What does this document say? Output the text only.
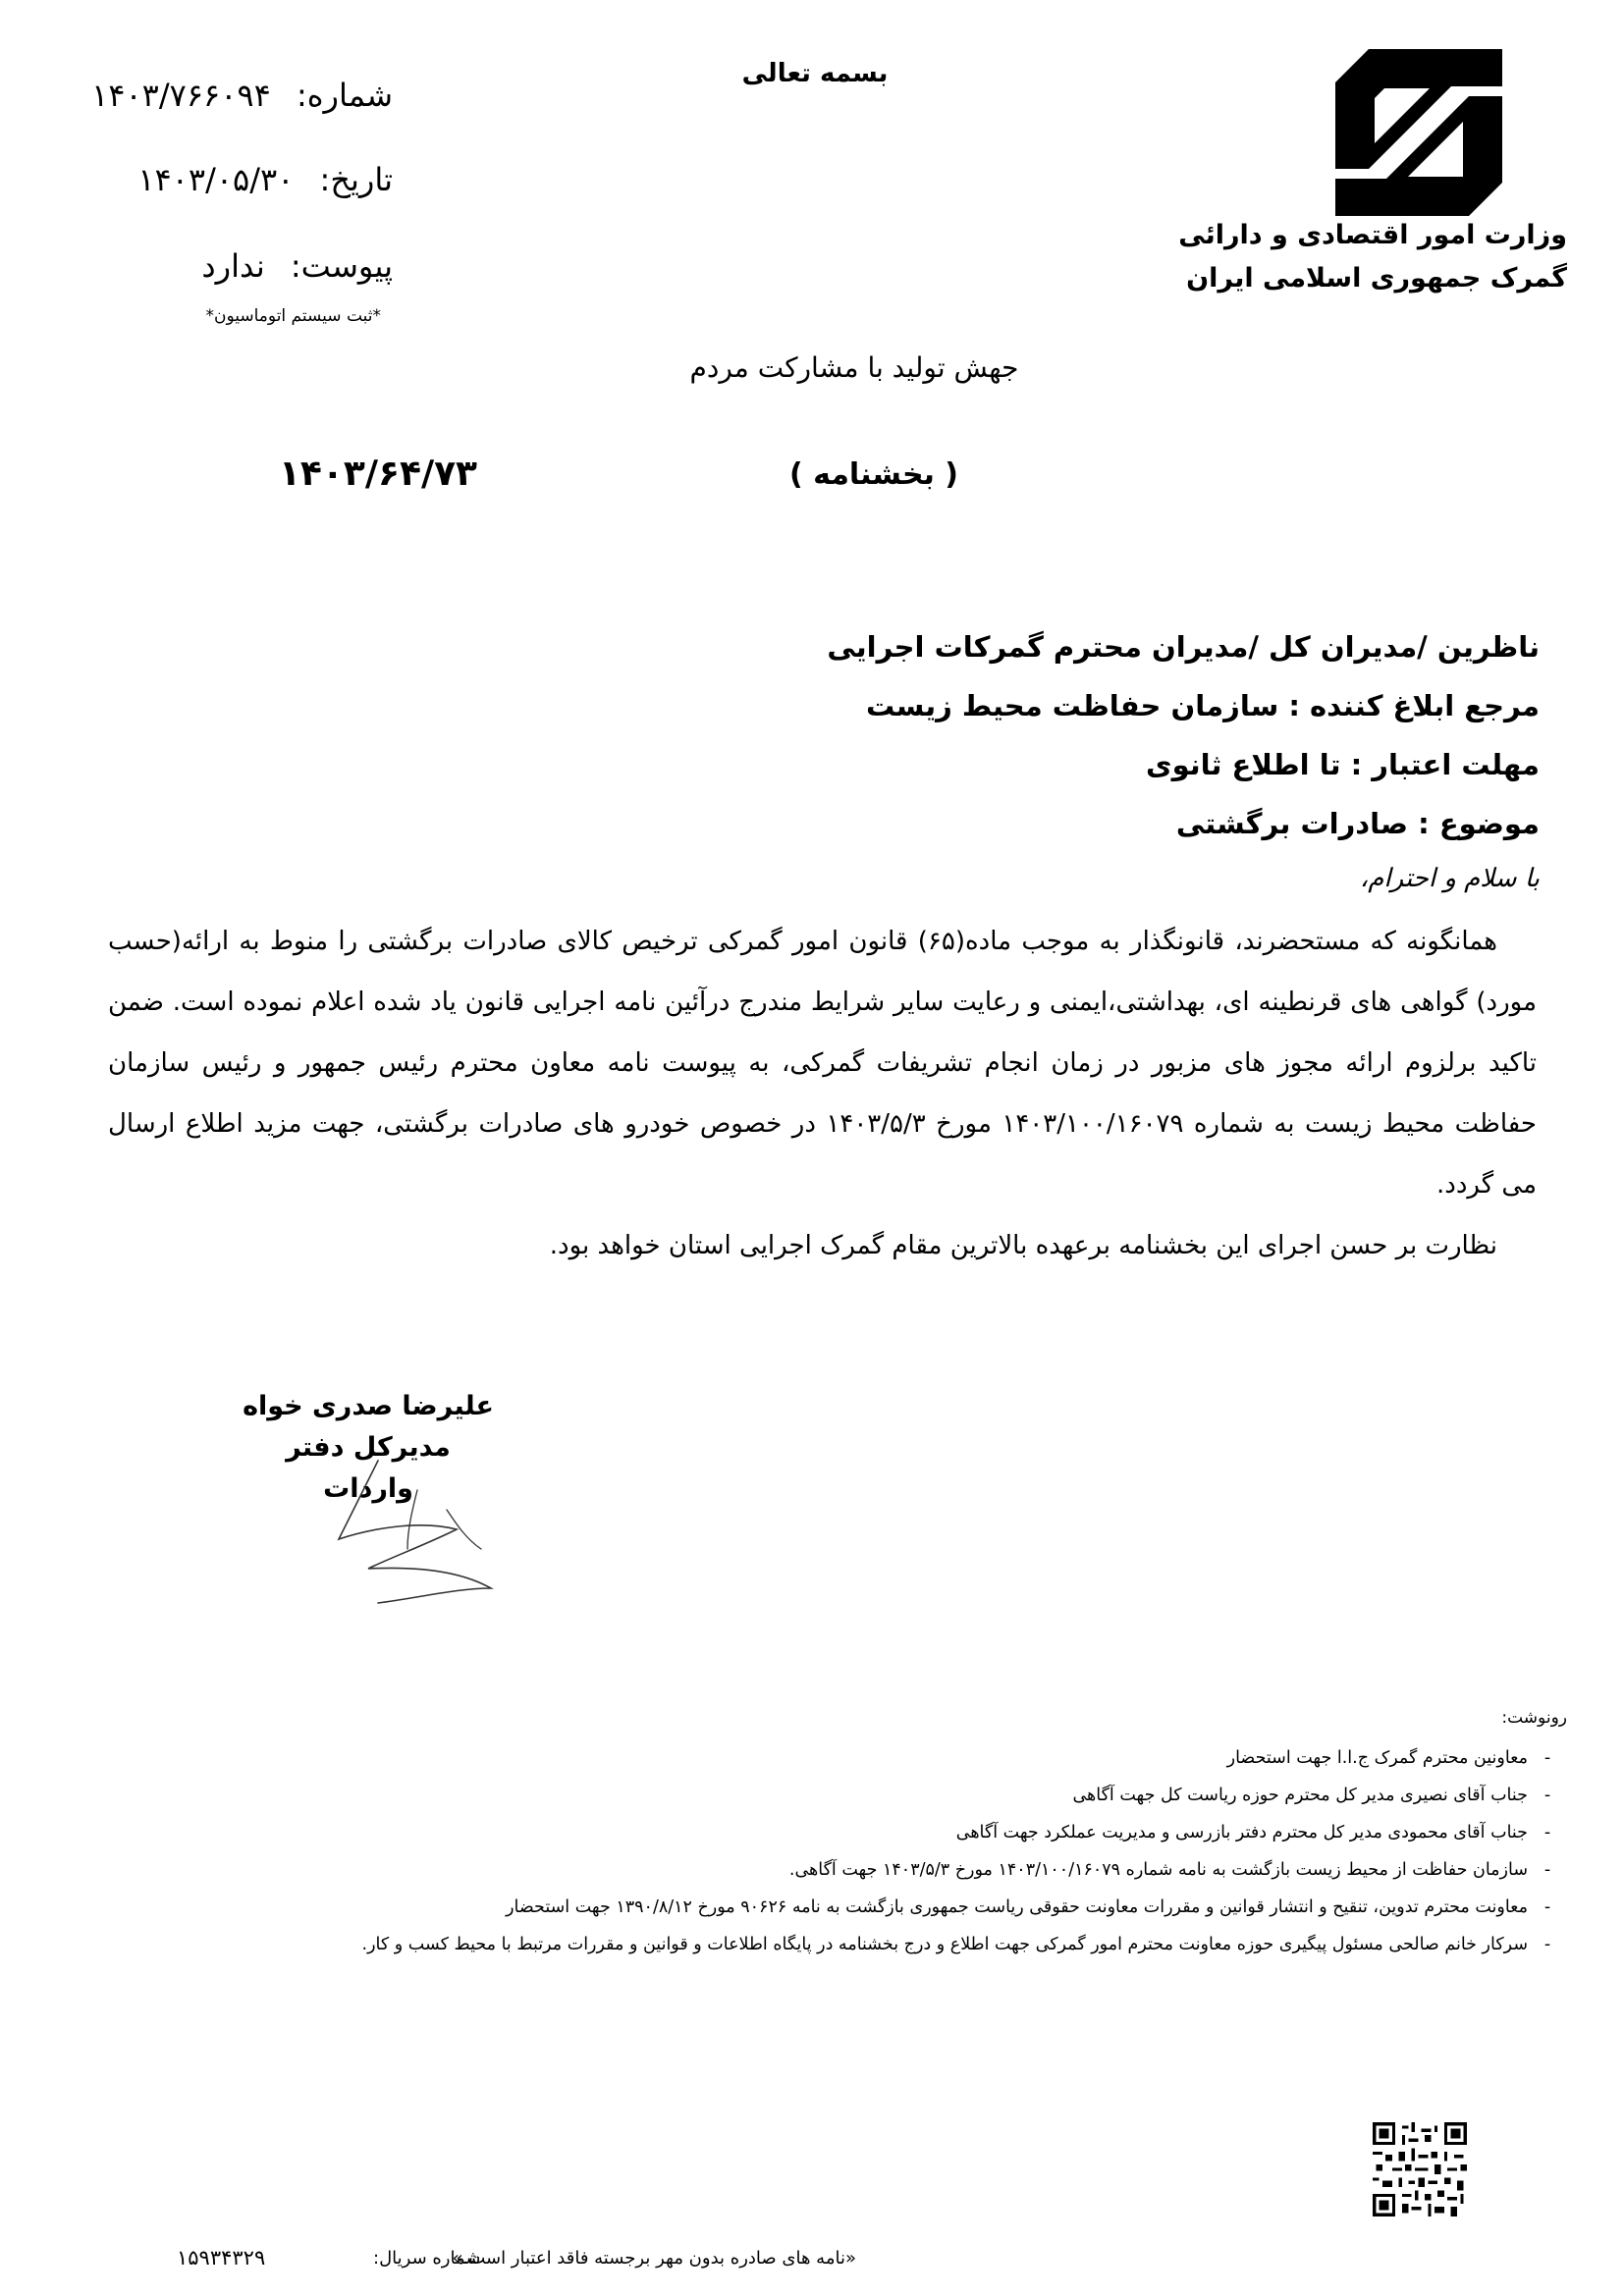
بسمه تعالی
وزارت امور اقتصادی و دارائی
گمرک جمهوری اسلامی ایران
شماره: ۱۴۰۳/۷۶۶۰۹۴
تاریخ: ۱۴۰۳/۰۵/۳۰
پیوست: ندارد
*ثبت سیستم اتوماسیون*
جهش تولید با مشارکت مردم
( بخشنامه )
۱۴۰۳/۶۴/۷۳
ناظرین /مدیران کل /مدیران محترم گمرکات اجرایی
مرجع ابلاغ کننده : سازمان حفاظت محیط زیست
مهلت اعتبار : تا اطلاع ثانوی
موضوع : صادرات برگشتی
با سلام و احترام،

همانگونه که مستحضرند، قانونگذار به موجب ماده(۶۵) قانون امور گمرکی ترخیص کالای صادرات برگشتی را منوط به ارائه(حسب مورد) گواهی های قرنطینه ای، بهداشتی،ایمنی و رعایت سایر شرایط مندرج درآئین نامه اجرایی قانون یاد شده اعلام نموده است. ضمن تاکید برلزوم ارائه مجوز های مزبور در زمان انجام تشریفات گمرکی، به پیوست نامه معاون محترم رئیس جمهور و رئیس سازمان حفاظت محیط زیست به شماره ۱۴۰۳/۱۰۰/۱۶۰۷۹ مورخ ۱۴۰۳/۵/۳ در خصوص خودرو های صادرات برگشتی، جهت مزید اطلاع ارسال می گردد.

نظارت بر حسن اجرای این بخشنامه برعهده بالاترین مقام گمرک اجرایی استان خواهد بود.

علیرضا صدری خواه
مدیرکل دفتر واردات
رونوشت:
-معاونین محترم گمرک ج.ا.ا جهت استحضار
-جناب آقای نصیری مدیر کل محترم حوزه ریاست کل جهت آگاهی
-جناب آقای محمودی مدیر کل محترم دفتر بازرسی و مدیریت عملکرد جهت آگاهی
-سازمان حفاظت از محیط زیست بازگشت به نامه شماره ۱۴۰۳/۱۰۰/۱۶۰۷۹ مورخ ۱۴۰۳/۵/۳ جهت آگاهی.
-معاونت محترم تدوین، تنقیح و انتشار قوانین و مقررات معاونت حقوقی ریاست جمهوری بازگشت به نامه ۹۰۶۲۶ مورخ ۱۳۹۰/۸/۱۲ جهت استحضار
-سرکار خانم صالحی مسئول پیگیری حوزه معاونت محترم امور گمرکی جهت اطلاع و درج بخشنامه در پایگاه اطلاعات و قوانین و مقررات مرتبط با محیط کسب و کار.
«نامه های صادره بدون مهر برجسته فاقد اعتبار است.»
شماره سریال:
۱۵۹۳۴۳۲۹
